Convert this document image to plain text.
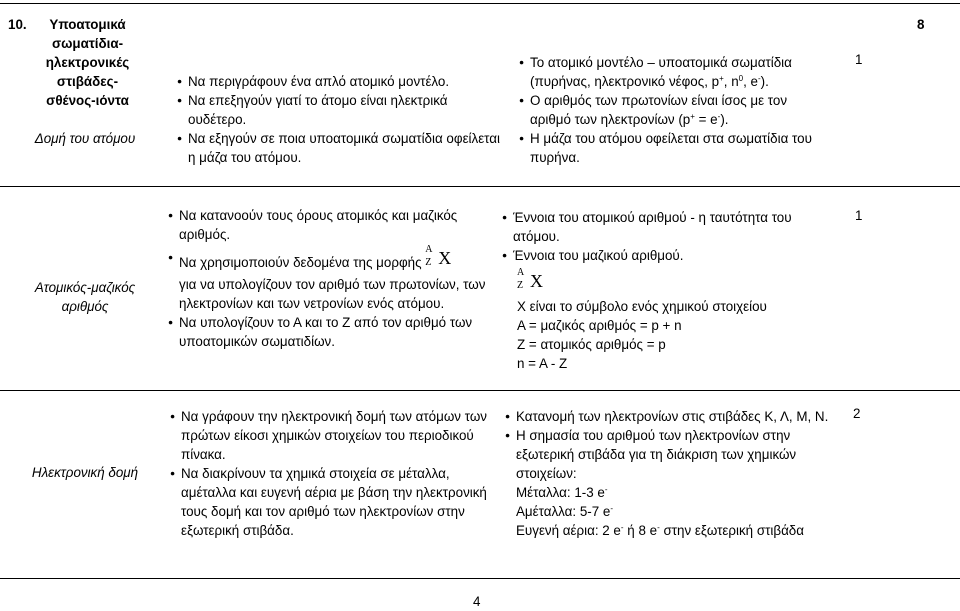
10.	Υποατομικά
σωματίδια-
ηλεκτρονικές
στιβάδες-
σθένος-ιόντα
Δομή του ατόμου
● Να περιγράφουν ένα απλό ατομικό μοντέλο.
● Να επεξηγούν γιατί το άτομο είναι ηλεκτρικά ουδέτερο.
● Να εξηγούν σε ποια υποατομικά σωματίδια οφείλεται η μάζα του ατόμου.
● Το ατομικό μοντέλο – υποατομικά σωματίδια (πυρήνας, ηλεκτρονικό νέφος, p+, $n^0$, e-).
● Ο αριθμός των πρωτονίων είναι ίσος με τον αριθμό των ηλεκτρονίων (p+ = e-).
● Η μάζα του ατόμου οφείλεται στα σωματίδια του πυρήνα.
1
8
Ατομικός-μαζικός αριθμός
● Να κατανοούν τους όρους ατομικός και μαζικός αριθμός.
● Να χρησιμοποιούν δεδομένα της μορφής
A
Z X
για να υπολογίζουν τον αριθμό των πρωτονίων, των ηλεκτρονίων και των νετρονίων ενός ατόμου.
● Να υπολογίζουν το Α και το Ζ από τον αριθμό των υποατομικών σωματιδίων.
● Έννοια του ατομικού αριθμού - η ταυτότητα του ατόμου.
● Έννοια του μαζικού αριθμού.
A
Z X
Χ είναι το σύμβολο ενός χημικού στοιχείου
Α = μαζικός αριθμός = p + n
Ζ = ατομικός αριθμός = p
n = A - Z
1
Ηλεκτρονική δομή
● Να γράφουν την ηλεκτρονική δομή των ατόμων των πρώτων είκοσι χημικών στοιχείων του περιοδικού πίνακα.
● Να διακρίνουν τα χημικά στοιχεία σε μέταλλα, αμέταλλα και ευγενή αέρια με βάση την ηλεκτρονική τους δομή και τον αριθμό των ηλεκτρονίων στην εξωτερική στιβάδα.
● Κατανομή των ηλεκτρονίων στις στιβάδες Κ, Λ, Μ, Ν.
● Η σημασία του αριθμού των ηλεκτρονίων στην εξωτερική στιβάδα για τη διάκριση των χημικών στοιχείων:
Μέταλλα: 1-3 e-
Αμέταλλα: 5-7 e-
Ευγενή αέρια: 2 e- ή 8 e- στην εξωτερική στιβάδα
2
4
